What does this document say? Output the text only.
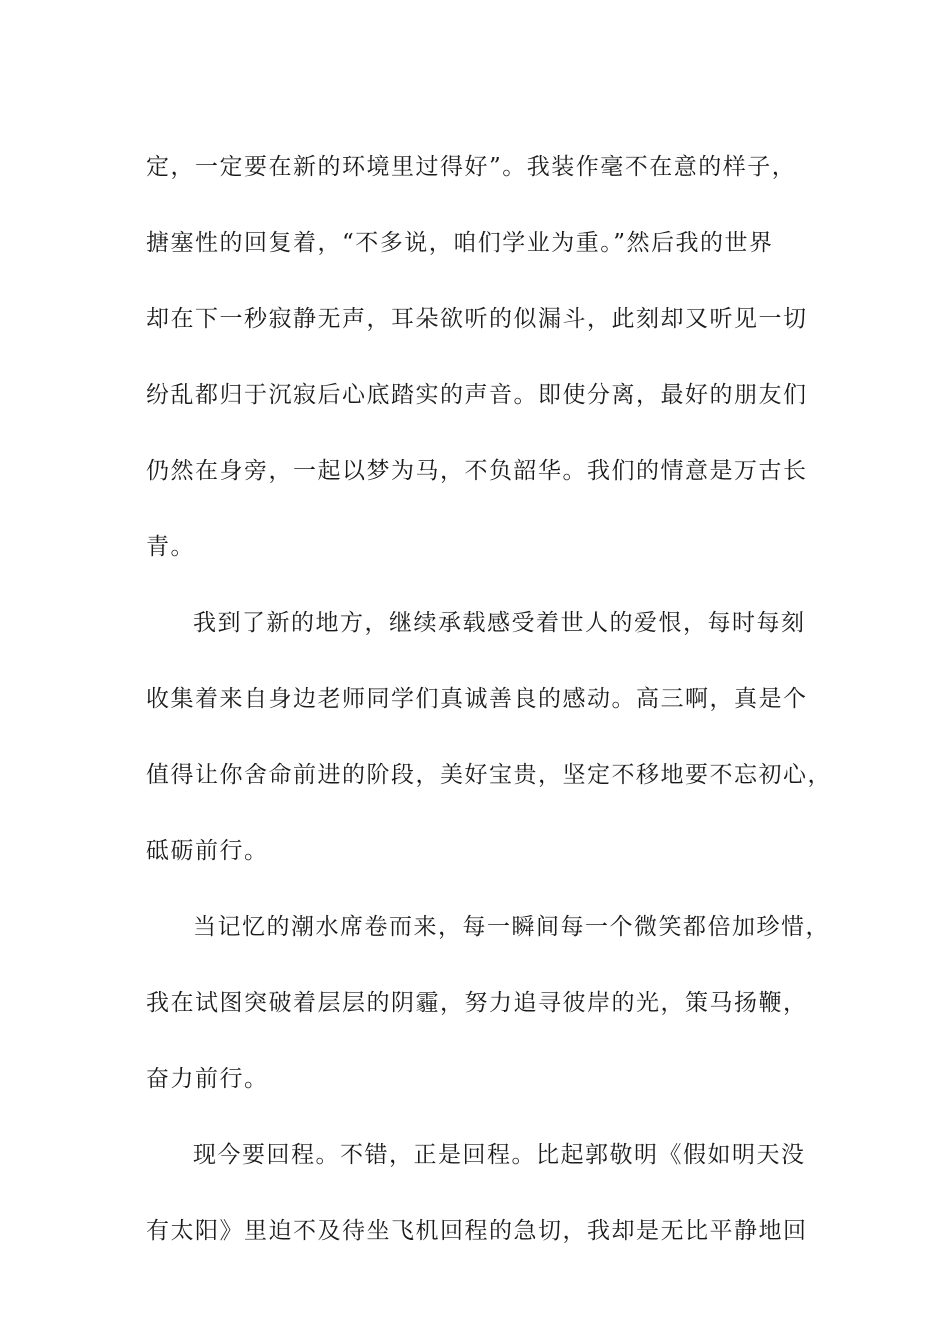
定，一定要在新的环境里过得好”。我装作毫不在意的样子，
搪塞性的回复着，“不多说，咱们学业为重。”然后我的世界
却在下一秒寂静无声，耳朵欲听的似漏斗，此刻却又听见一切
纷乱都归于沉寂后心底踏实的声音。即使分离，最好的朋友们
仍然在身旁，一起以梦为马，不负韶华。我们的情意是万古长
青。
我到了新的地方，继续承载感受着世人的爱恨，每时每刻
收集着来自身边老师同学们真诚善良的感动。高三啊，真是个
值得让你舍命前进的阶段，美好宝贵，坚定不移地要不忘初心，
砥砺前行。
当记忆的潮水席卷而来，每一瞬间每一个微笑都倍加珍惜，
我在试图突破着层层的阴霾，努力追寻彼岸的光，策马扬鞭，
奋力前行。
现今要回程。不错，正是回程。比起郭敬明《假如明天没
有太阳》里迫不及待坐飞机回程的急切，我却是无比平静地回
